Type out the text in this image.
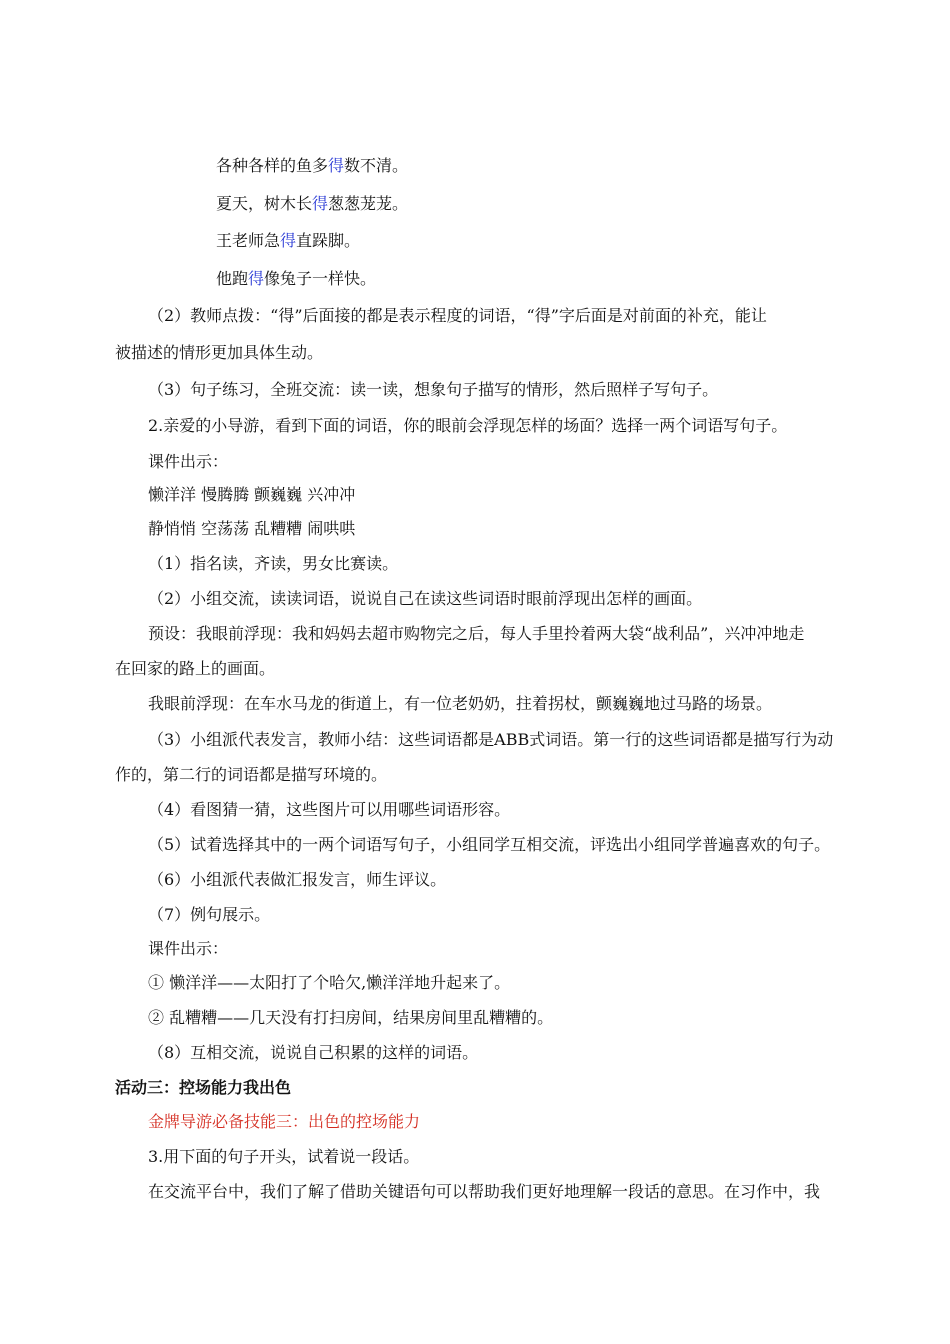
各种各样的鱼多得数不清。
夏天，树木长得葱葱茏茏。
王老师急得直跺脚。
他跑得像兔子一样快。
（2）教师点拨：“得”后面接的都是表示程度的词语，“得”字后面是对前面的补充，能让
被描述的情形更加具体生动。
（3）句子练习，全班交流：读一读，想象句子描写的情形，然后照样子写句子。
2.亲爱的小导游，看到下面的词语，你的眼前会浮现怎样的场面？选择一两个词语写句子。
课件出示：
懒洋洋 慢腾腾 颤巍巍 兴冲冲
静悄悄 空荡荡 乱糟糟 闹哄哄
（1）指名读，齐读，男女比赛读。
（2）小组交流，读读词语，说说自己在读这些词语时眼前浮现出怎样的画面。
预设：我眼前浮现：我和妈妈去超市购物完之后，每人手里拎着两大袋“战利品”，兴冲冲地走
在回家的路上的画面。
我眼前浮现：在车水马龙的街道上，有一位老奶奶，拄着拐杖，颤巍巍地过马路的场景。
（3）小组派代表发言，教师小结：这些词语都是ABB式词语。第一行的这些词语都是描写行为动
作的，第二行的词语都是描写环境的。
（4）看图猜一猜，这些图片可以用哪些词语形容。
（5）试着选择其中的一两个词语写句子，小组同学互相交流，评选出小组同学普遍喜欢的句子。
（6）小组派代表做汇报发言，师生评议。
（7）例句展示。
课件出示：
① 懒洋洋——太阳打了个哈欠,懒洋洋地升起来了。
② 乱糟糟——几天没有打扫房间，结果房间里乱糟糟的。
（8）互相交流，说说自己积累的这样的词语。
活动三：控场能力我出色
金牌导游必备技能三：出色的控场能力
3.用下面的句子开头，试着说一段话。
在交流平台中，我们了解了借助关键语句可以帮助我们更好地理解一段话的意思。在习作中，我
